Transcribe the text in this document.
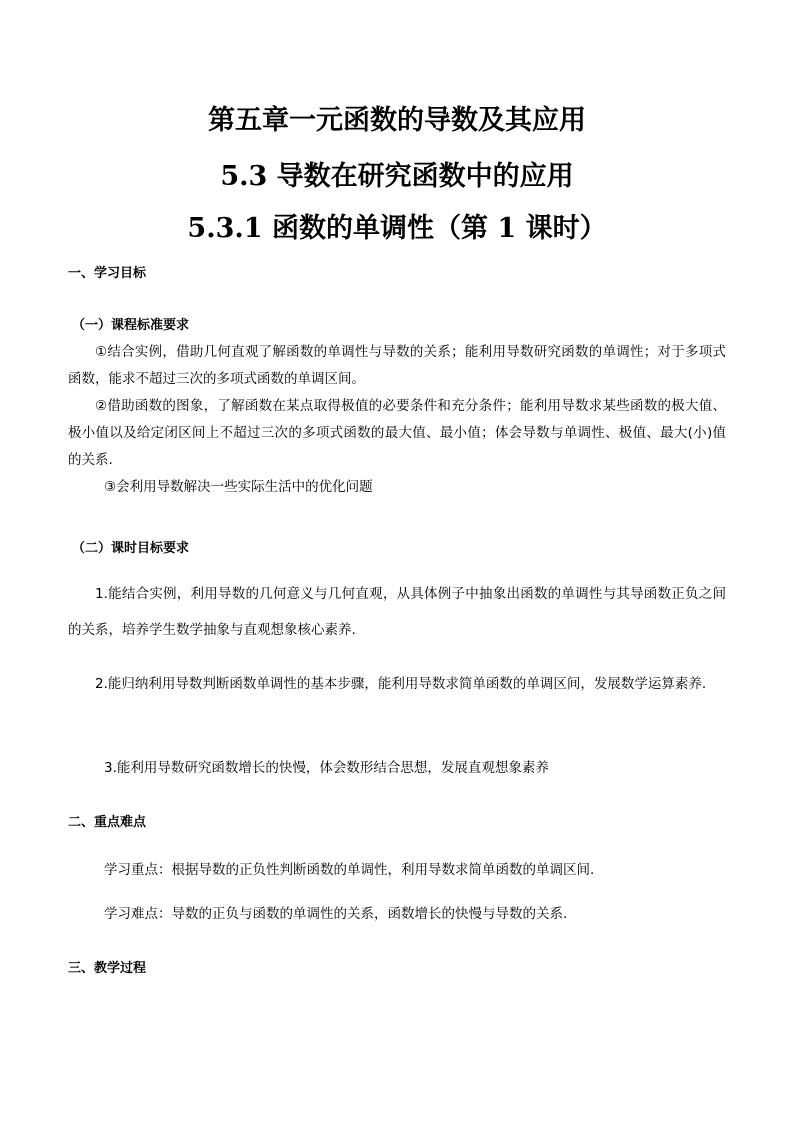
第五章一元函数的导数及其应用
5.3 导数在研究函数中的应用
5.3.1 函数的单调性（第 1 课时）
一、学习目标
（一）课程标准要求
①结合实例，借助几何直观了解函数的单调性与导数的关系；能利用导数研究函数的单调性；对于多项式函数，能求不超过三次的多项式函数的单调区间。
②借助函数的图象，了解函数在某点取得极值的必要条件和充分条件；能利用导数求某些函数的极大值、极小值以及给定闭区间上不超过三次的多项式函数的最大值、最小值；体会导数与单调性、极值、最大(小)值的关系.
③会利用导数解决一些实际生活中的优化问题
（二）课时目标要求
1.能结合实例，利用导数的几何意义与几何直观，从具体例子中抽象出函数的单调性与其导函数正负之间的关系，培养学生数学抽象与直观想象核心素养.
2.能归纳利用导数判断函数单调性的基本步骤，能利用导数求简单函数的单调区间，发展数学运算素养.
3.能利用导数研究函数增长的快慢，体会数形结合思想，发展直观想象素养
二、重点难点
学习重点：根据导数的正负性判断函数的单调性，利用导数求简单函数的单调区间.
学习难点：导数的正负与函数的单调性的关系，函数增长的快慢与导数的关系.
三、教学过程
